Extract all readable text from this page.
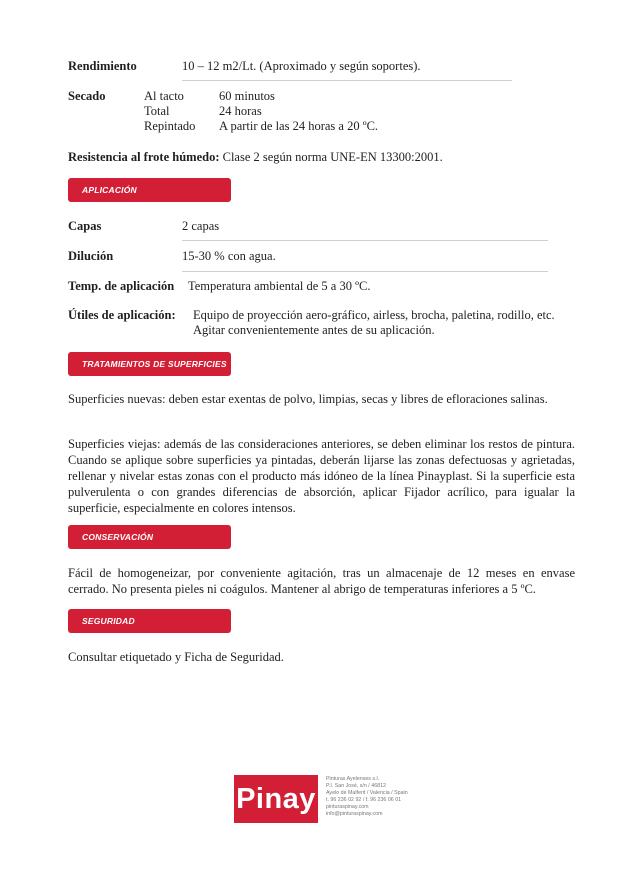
Rendimiento	10 – 12 m2/Lt. (Aproximado y según soportes).
Secado	Al tacto	60 minutos
Total	24 horas
Repintado A partir de las 24 horas a 20 ºC.
Resistencia al frote húmedo: Clase 2 según norma UNE-EN 13300:2001.
APLICACIÓN
Capas	2 capas
Dilución	15-30 % con agua.
Temp. de aplicación Temperatura ambiental de 5 a 30 ºC.
Útiles de aplicación: Equipo de proyección aero-gráfico, airless, brocha, paletina, rodillo, etc.
Agitar convenientemente antes de su aplicación.
TRATAMIENTOS DE SUPERFICIES
Superficies nuevas: deben estar exentas de polvo, limpias, secas y libres de efloraciones salinas.
Superficies viejas: además de las consideraciones anteriores, se deben eliminar los restos de pintura. Cuando se aplique sobre superficies ya pintadas, deberán lijarse las zonas defectuosas y agrietadas, rellenar y nivelar estas zonas con el producto más idóneo de la línea Pinayplast. Si la superficie esta pulverulenta o con grandes diferencias de absorción, aplicar Fijador acrílico, para igualar la superficie, especialmente en colores intensos.
CONSERVACIÓN
Fácil de homogeneizar, por conveniente agitación, tras un almacenaje de 12 meses en envase cerrado. No presenta pieles ni coágulos. Mantener al abrigo de temperaturas inferiores a 5 ºC.
SEGURIDAD
Consultar etiquetado y Ficha de Seguridad.
Pinay
Pinturas Ayelenses s.l.
P.I. San José, s/n / 46812
Ayelo de Malferit / Valencia / Spain
t. 96 236 02 92 / f. 96 236 06 01
pinturaspinay.com
info@pinturaspinay.com
